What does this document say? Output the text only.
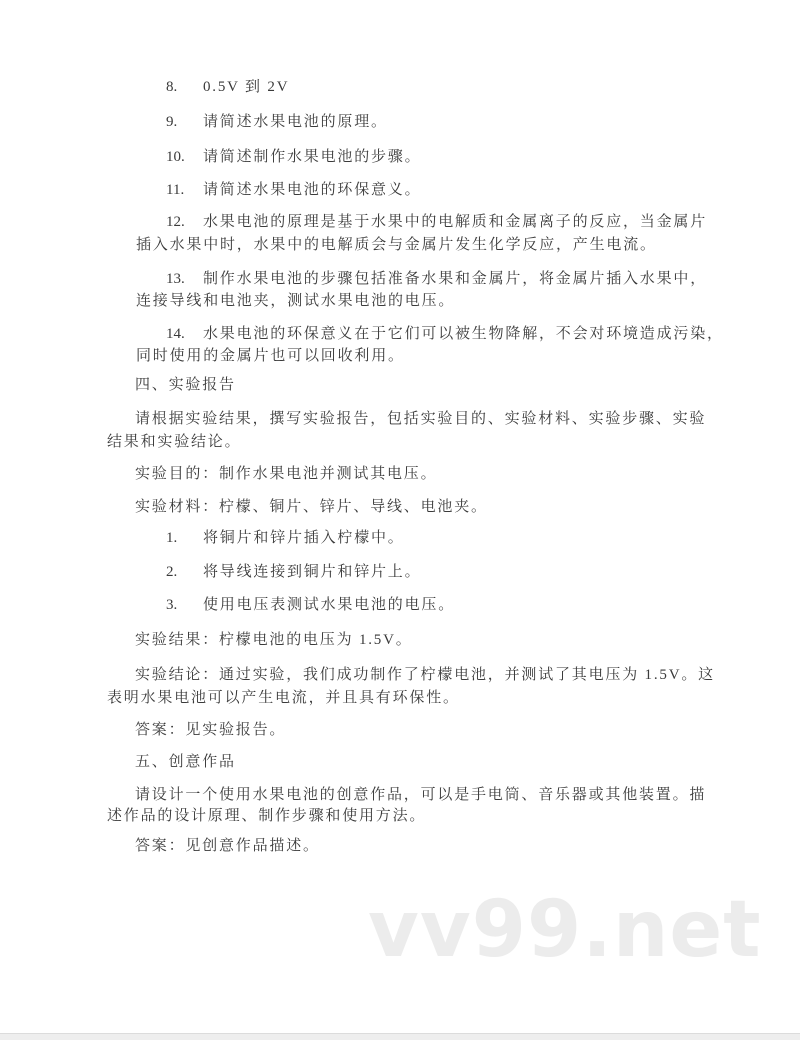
8. 0.5V 到 2V
9. 请简述水果电池的原理。
10. 请简述制作水果电池的步骤。
11. 请简述水果电池的环保意义。
12. 水果电池的原理是基于水果中的电解质和金属离子的反应，当金属片
插入水果中时，水果中的电解质会与金属片发生化学反应，产生电流。
13. 制作水果电池的步骤包括准备水果和金属片，将金属片插入水果中，
连接导线和电池夹，测试水果电池的电压。
14. 水果电池的环保意义在于它们可以被生物降解，不会对环境造成污染，
同时使用的金属片也可以回收利用。
四、实验报告
请根据实验结果，撰写实验报告，包括实验目的、实验材料、实验步骤、实验
结果和实验结论。
实验目的：制作水果电池并测试其电压。
实验材料：柠檬、铜片、锌片、导线、电池夹。
1. 将铜片和锌片插入柠檬中。
2. 将导线连接到铜片和锌片上。
3. 使用电压表测试水果电池的电压。
实验结果：柠檬电池的电压为 1.5V。
实验结论：通过实验，我们成功制作了柠檬电池，并测试了其电压为 1.5V。这
表明水果电池可以产生电流，并且具有环保性。
答案：见实验报告。
五、创意作品
请设计一个使用水果电池的创意作品，可以是手电筒、音乐器或其他装置。描
述作品的设计原理、制作步骤和使用方法。
答案：见创意作品描述。
vv99.net
